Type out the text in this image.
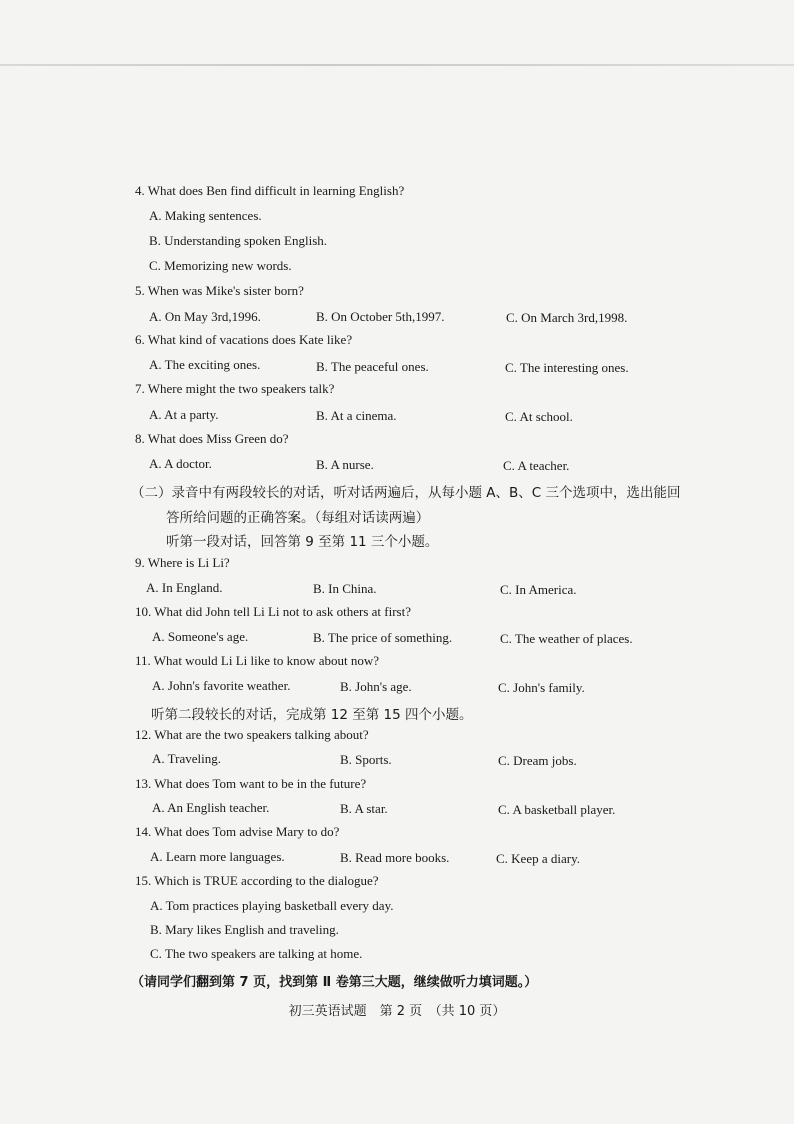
4. What does Ben find difficult in learning English?
A. Making sentences.
B. Understanding spoken English.
C. Memorizing new words.
5. When was Mike's sister born?
A. On May 3rd,1996.	B. On October 5th,1997.	C. On March 3rd,1998.
6. What kind of vacations does Kate like?
A. The exciting ones.	B. The peaceful ones.	C. The interesting ones.
7. Where might the two speakers talk?
A. At a party.	B. At a cinema.	C. At school.
8. What does Miss Green do?
A. A doctor.	B. A nurse.	C. A teacher.
（二）录音中有两段较长的对话，听对话两遍后，从每小题 A、B、C 三个选项中，选出能回
答所给问题的正确答案。（每组对话读两遍）
听第一段对话，回答第 9 至第 11 三个小题。
9. Where is Li Li?
A. In England.	B. In China.	C. In America.
10. What did John tell Li Li not to ask others at first?
A. Someone's age.	B. The price of something.	C. The weather of places.
11. What would Li Li like to know about now?
A. John's favorite weather.	B. John's age.	C. John's family.
听第二段较长的对话，完成第 12 至第 15 四个小题。
12. What are the two speakers talking about?
A. Traveling.	B. Sports.	C. Dream jobs.
13. What does Tom want to be in the future?
A. An English teacher.	B. A star.	C. A basketball player.
14. What does Tom advise Mary to do?
A. Learn more languages.	B. Read more books.	C. Keep a diary.
15. Which is TRUE according to the dialogue?
A. Tom practices playing basketball every day.
B. Mary likes English and traveling.
C. The two speakers are talking at home.
（请同学们翻到第 7 页，找到第 Ⅱ 卷第三大题，继续做听力填词题。）
初三英语试题　第 2 页　（共 10 页）
